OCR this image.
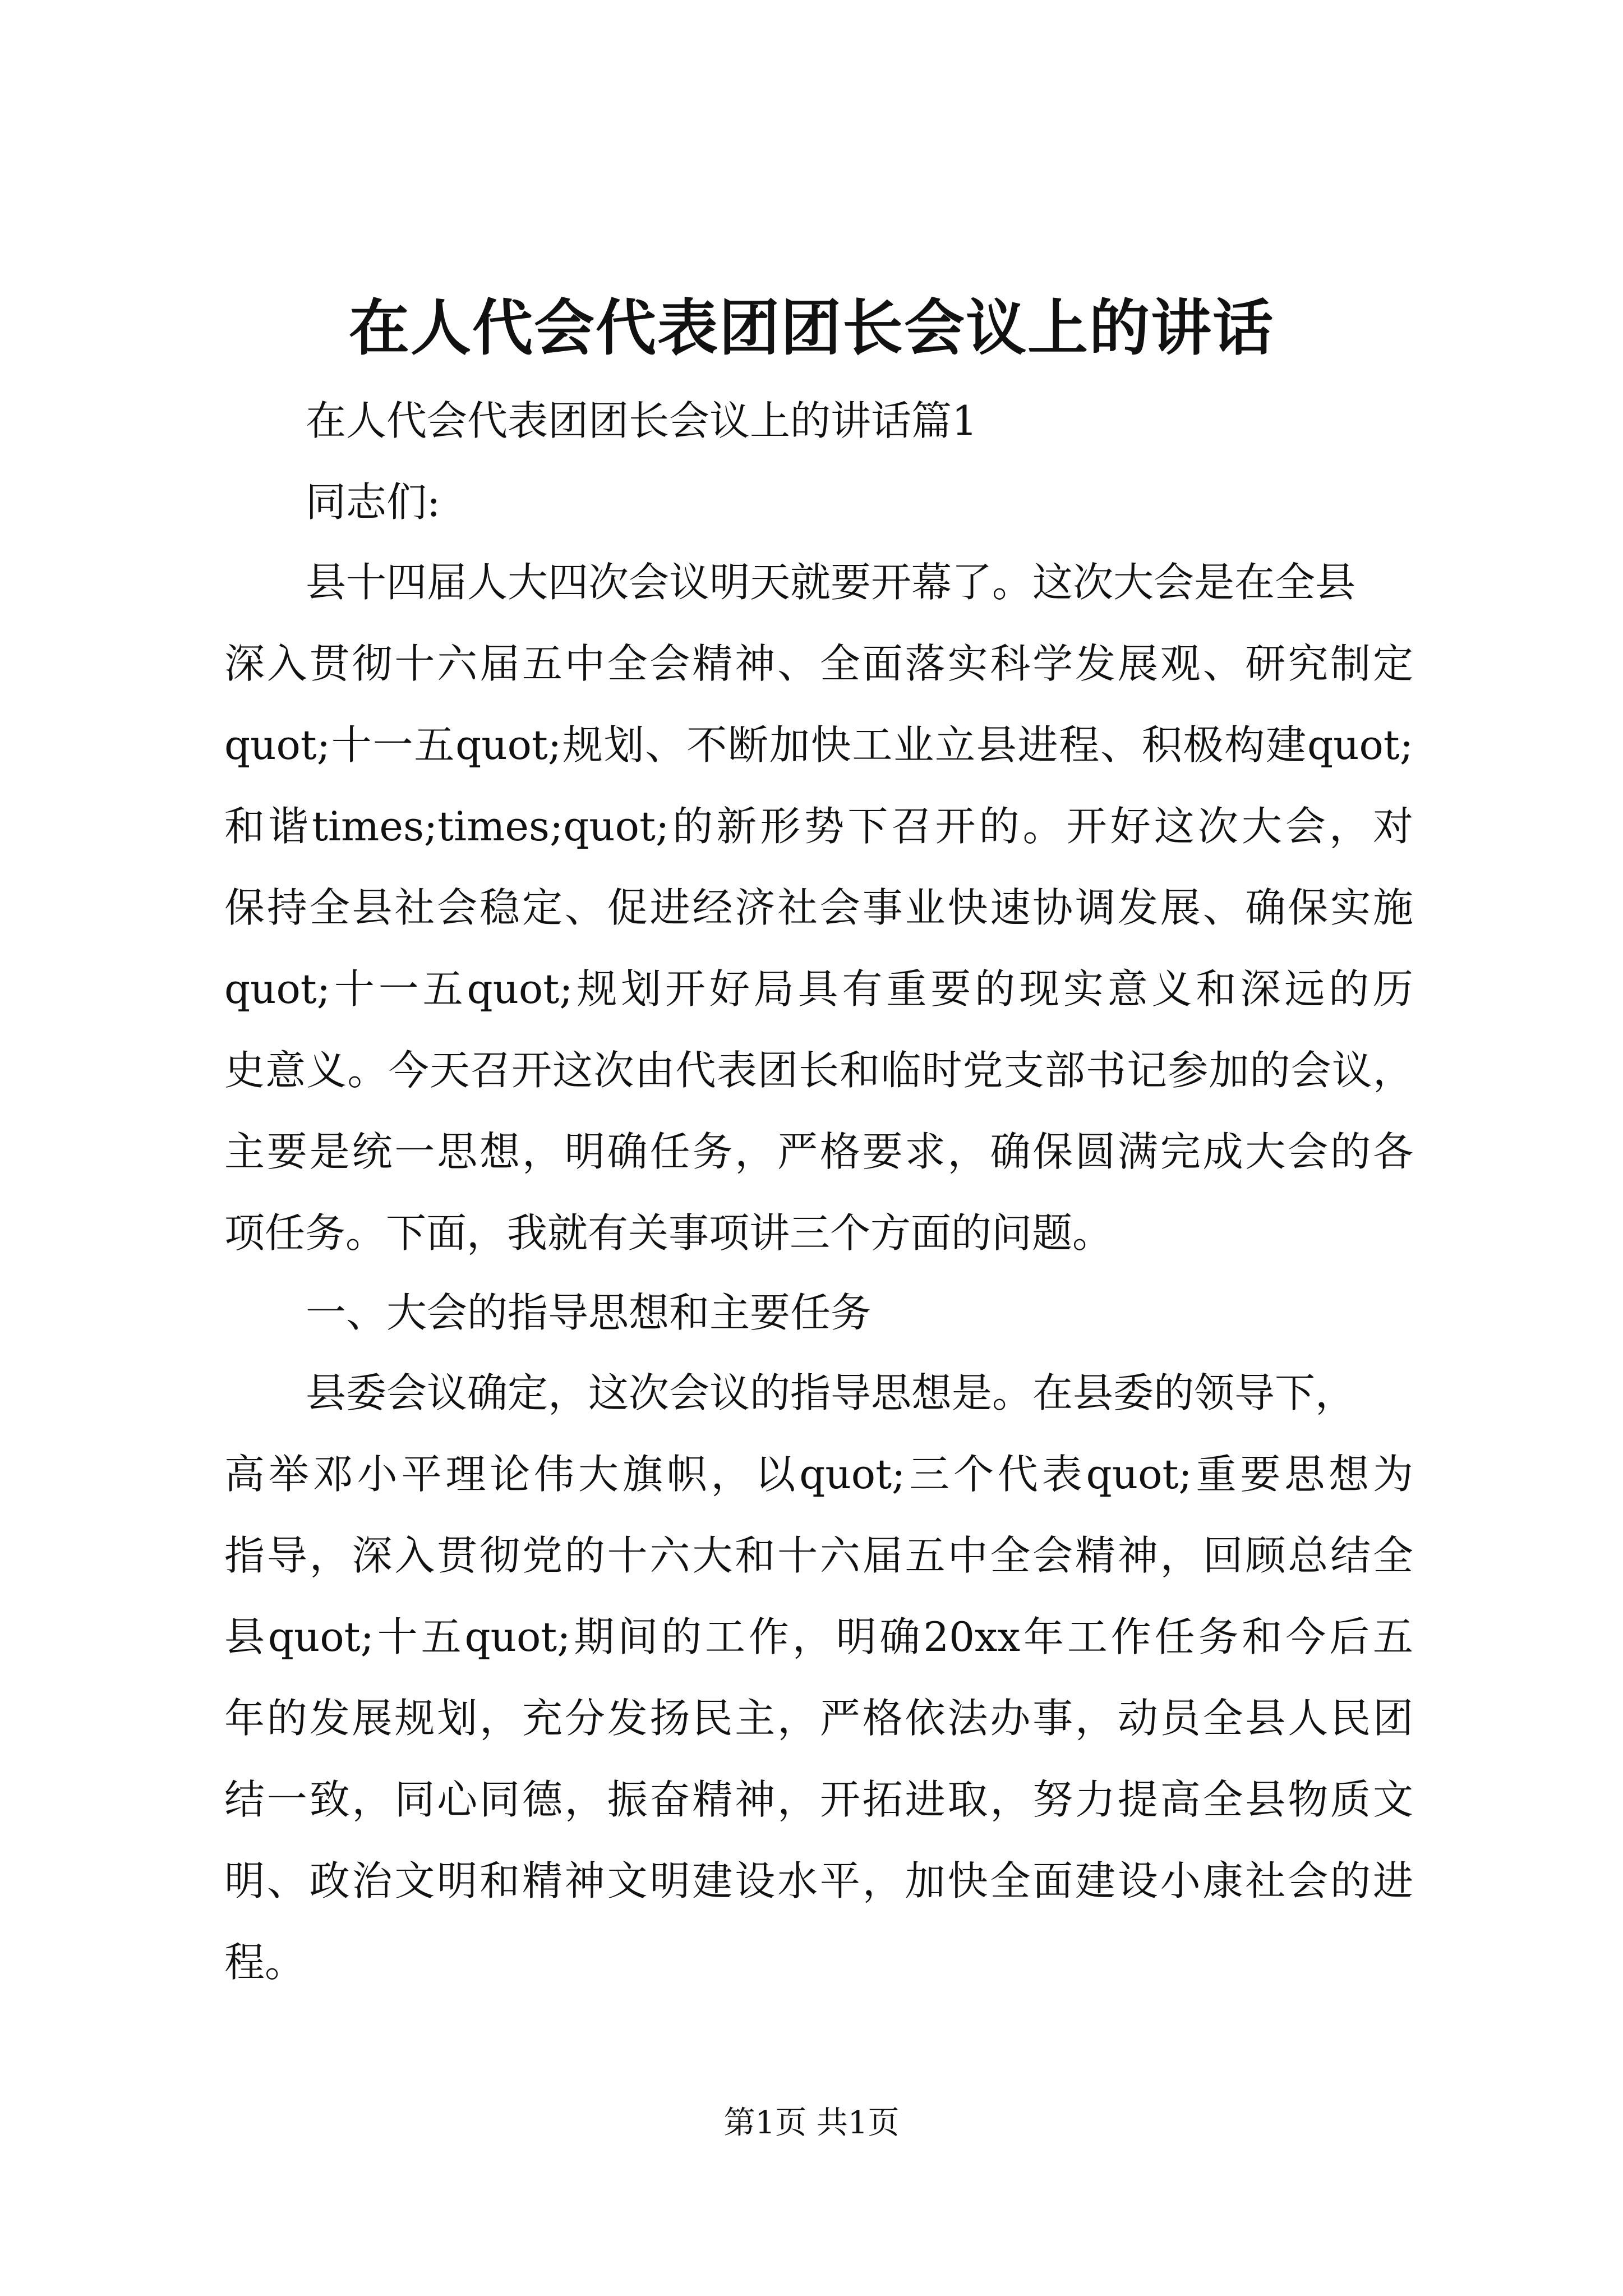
在人代会代表团团长会议上的讲话
在人代会代表团团长会议上的讲话篇1
同志们:
县十四届人大四次会议明天就要开幕了。这次大会是在全县
深入贯彻十六届五中全会精神、全面落实科学发展观、研究制定
quot;十一五quot;规划、不断加快工业立县进程、积极构建quot;
和谐times;times;quot;的新形势下召开的。开好这次大会，对
保持全县社会稳定、促进经济社会事业快速协调发展、确保实施
quot;十一五quot;规划开好局具有重要的现实意义和深远的历
史意义。今天召开这次由代表团长和临时党支部书记参加的会议，
主要是统一思想，明确任务，严格要求，确保圆满完成大会的各
项任务。下面，我就有关事项讲三个方面的问题。
一、大会的指导思想和主要任务
县委会议确定，这次会议的指导思想是。在县委的领导下，
高举邓小平理论伟大旗帜，以quot;三个代表quot;重要思想为
指导，深入贯彻党的十六大和十六届五中全会精神，回顾总结全
县quot;十五quot;期间的工作，明确20xx年工作任务和今后五
年的发展规划，充分发扬民主，严格依法办事，动员全县人民团
结一致，同心同德，振奋精神，开拓进取，努力提高全县物质文
明、政治文明和精神文明建设水平，加快全面建设小康社会的进
程。
第1页 共1页
